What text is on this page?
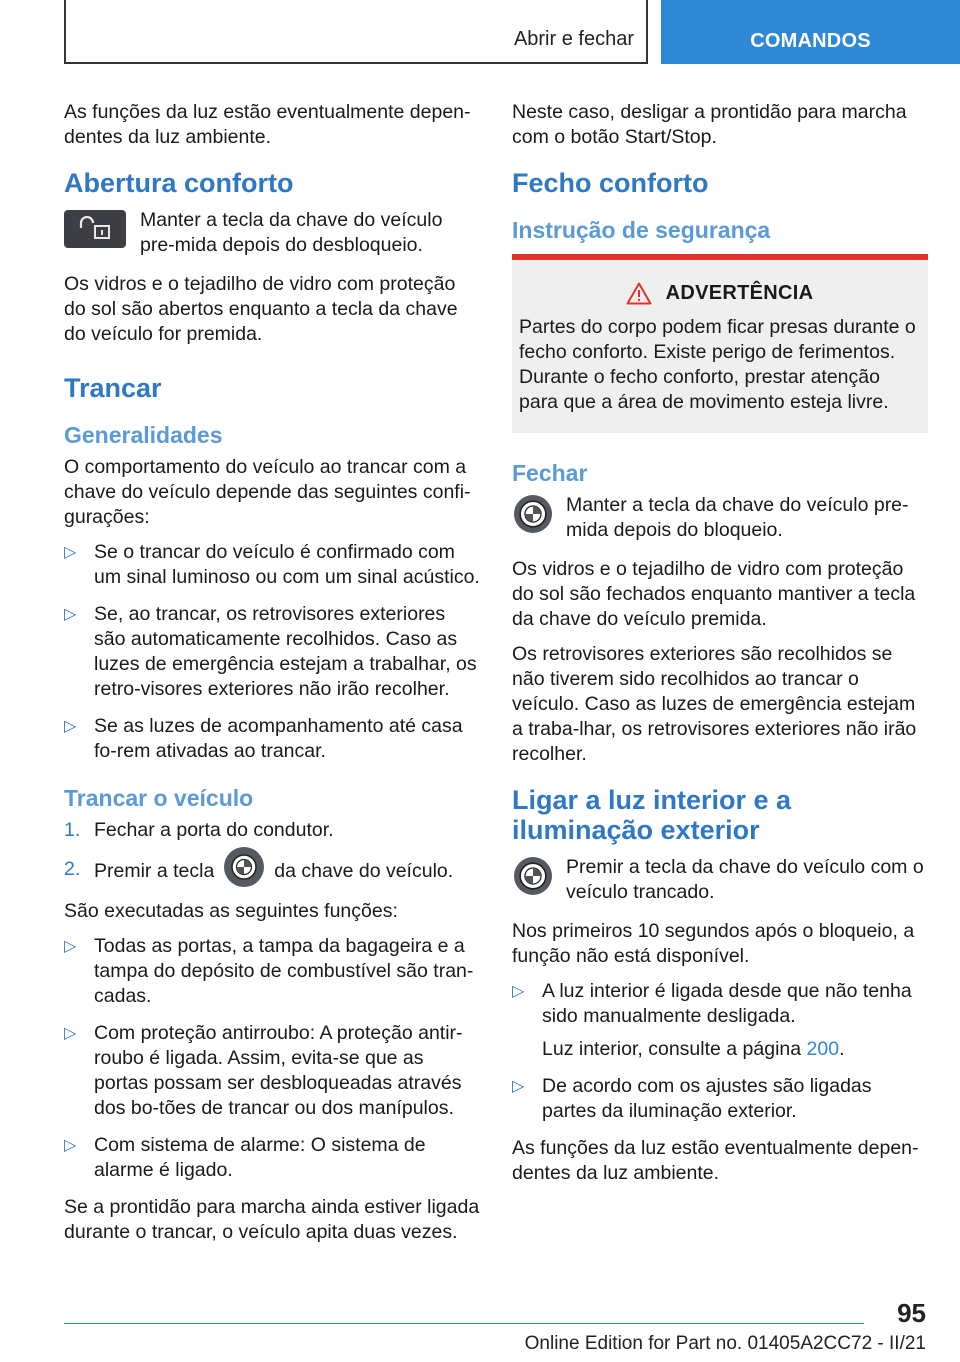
Abrir e fechar	COMANDOS

As funções da luz estão eventualmente depen-dentes da luz ambiente.

Abertura conforto
Manter a tecla da chave do veículo pre-mida depois do desbloqueio.

Os vidros e o tejadilho de vidro com proteção do sol são abertos enquanto a tecla da chave do veículo for premida.

Trancar
Generalidades

O comportamento do veículo ao trancar com a chave do veículo depende das seguintes confi-gurações:

▷ Se o trancar do veículo é confirmado com um sinal luminoso ou com um sinal acústico.
▷ Se, ao trancar, os retrovisores exteriores são automaticamente recolhidos. Caso as luzes de emergência estejam a trabalhar, os retro-visores exteriores não irão recolher.
▷ Se as luzes de acompanhamento até casa fo-rem ativadas ao trancar.
Trancar o veículo
1. Fechar a porta do condutor.
2. Premir a tecla	da chave do veículo.

São executadas as seguintes funções:

▷ Todas as portas, a tampa da bagageira e a tampa do depósito de combustível são tran-cadas.
▷ Com proteção antirroubo: A proteção antir-roubo é ligada. Assim, evita-se que as portas possam ser desbloqueadas através dos bo-tões de trancar ou dos manípulos.
▷ Com sistema de alarme: O sistema de alarme é ligado.

Se a prontidão para marcha ainda estiver ligada durante o trancar, o veículo apita duas vezes.

Neste caso, desligar a prontidão para marcha com o botão Start/Stop.

Fecho conforto
Instrução de segurança
ADVERTÊNCIA

Partes do corpo podem ficar presas durante o fecho conforto. Existe perigo de ferimentos. Durante o fecho conforto, prestar atenção para que a área de movimento esteja livre.

Fechar
Manter a tecla da chave do veículo pre-mida depois do bloqueio.

Os vidros e o tejadilho de vidro com proteção do sol são fechados enquanto mantiver a tecla da chave do veículo premida.

Os retrovisores exteriores são recolhidos se não tiverem sido recolhidos ao trancar o veículo. Caso as luzes de emergência estejam a traba-lhar, os retrovisores exteriores não irão recolher.

Ligar a luz interior e a iluminação exterior
Premir a tecla da chave do veículo com o veículo trancado.

Nos primeiros 10 segundos após o bloqueio, a função não está disponível.

▷ A luz interior é ligada desde que não tenha sido manualmente desligada.
Luz interior, consulte a página 200.
▷ De acordo com os ajustes são ligadas partes da iluminação exterior.

As funções da luz estão eventualmente depen-dentes da luz ambiente.

95
Online Edition for Part no. 01405A2CC72 - II/21
